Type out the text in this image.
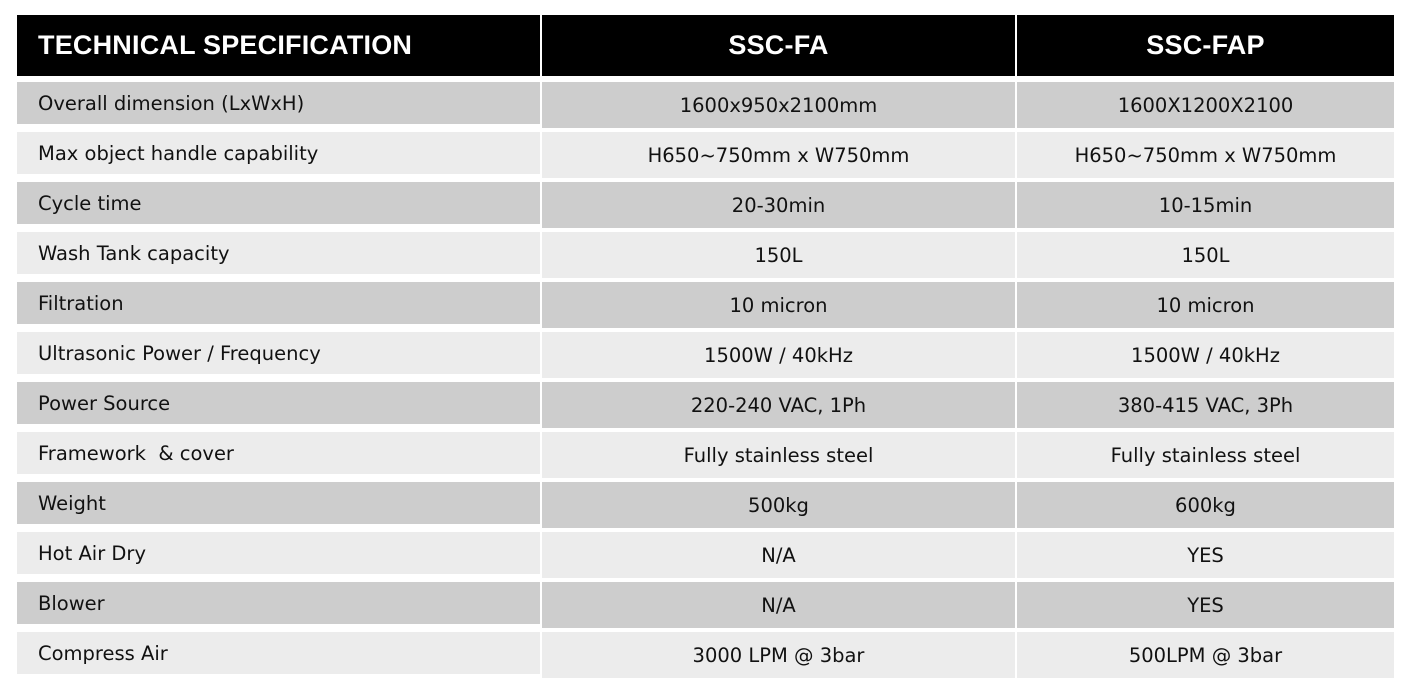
TECHNICAL SPECIFICATION	SSC-FA	SSC-FAP
Overall dimension (LxWxH)	1600x950x2100mm	1600X1200X2100
Max object handle capability	H650~750mm x W750mm	H650~750mm x W750mm
Cycle time	20-30min	10-15min
Wash Tank capacity	150L	150L
Filtration	10 micron	10 micron
Ultrasonic Power / Frequency	1500W / 40kHz	1500W / 40kHz
Power Source	220-240 VAC, 1Ph	380-415 VAC, 3Ph
Framework  & cover	Fully stainless steel	Fully stainless steel
Weight	500kg	600kg
Hot Air Dry	N/A	YES
Blower	N/A	YES
Compress Air	3000 LPM @ 3bar	500LPM @ 3bar
